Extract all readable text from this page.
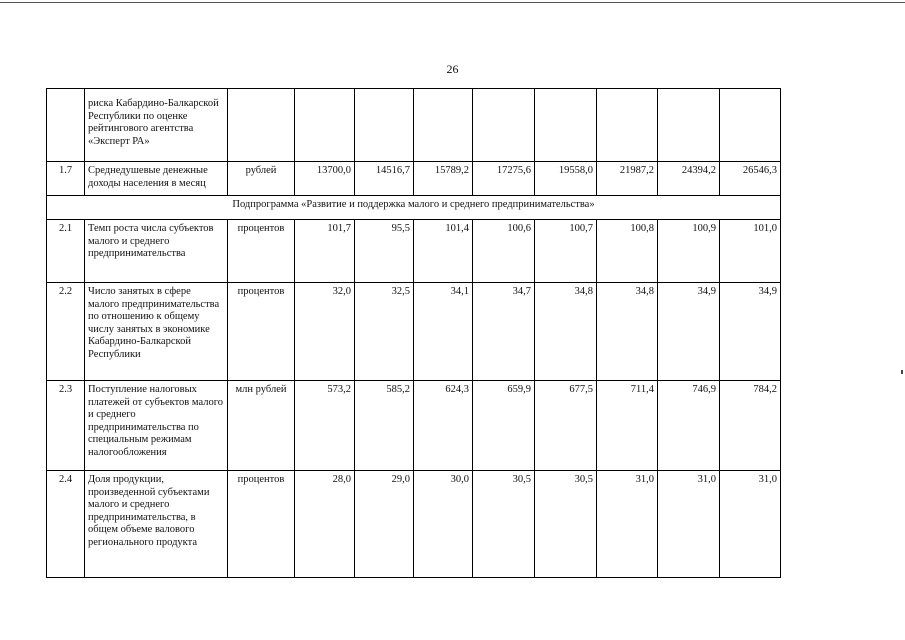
26
	риска Кабардино-Балкарской Республики по оценке рейтингового агентства «Эксперт РА»									
1.7	Среднедушевые денежные доходы населения в месяц	рублей	13700,0	14516,7	15789,2	17275,6	19558,0	21987,2	24394,2	26546,3
Подпрограмма «Развитие и поддержка малого и среднего предпринимательства»										
2.1	Темп роста числа субъектов малого и среднего предпринимательства	процентов	101,7	95,5	101,4	100,6	100,7	100,8	100,9	101,0
2.2	Число занятых в сфере малого предпринимательства по отношению к общему числу занятых в экономике Кабардино-Балкарской Республики	процентов	32,0	32,5	34,1	34,7	34,8	34,8	34,9	34,9
2.3	Поступление налоговых платежей от субъектов малого и среднего предпринимательства по специальным режимам налогообложения	млн рублей	573,2	585,2	624,3	659,9	677,5	711,4	746,9	784,2
2.4	Доля продукции, произведенной субъектами малого и среднего предпринимательства, в общем объеме валового регионального продукта	процентов	28,0	29,0	30,0	30,5	30,5	31,0	31,0	31,0
